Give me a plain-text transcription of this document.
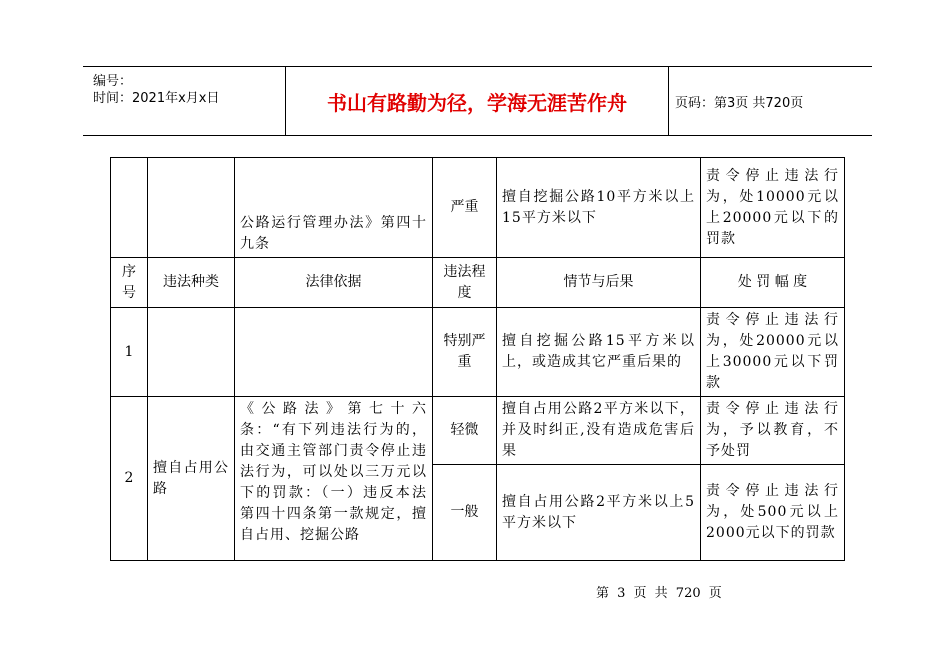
编号：
时间：2021年x月x日	书山有路勤为径，学海无涯苦作舟	页码：第3页 共720页
		公路运行管理办法》第四十九条	严重	擅自挖掘公路10平方米以上15平方米以下	责令停止违法行为，处10000元以上20000元以下的罚款
序号	违法种类	法律依据	违法程度	情节与后果	处 罚 幅 度
1			特别严重	擅自挖掘公路15平方米以上，或造成其它严重后果的	责令停止违法行为，处20000元以上30000元以下罚款
2	擅自占用公路	《公路法》第七十六条：“有下列违法行为的，由交通主管部门责令停止违法行为，可以处以三万元以下的罚款：（一）违反本法第四十四条第一款规定，擅自占用、挖掘公路	轻微	擅自占用公路2平方米以下，并及时纠正,没有造成危害后果	责令停止违法行为，予以教育，不予处罚
			一般	擅自占用公路2平方米以上5平方米以下	责令停止违法行为，处500元以上2000元以下的罚款
第 3 页 共 720 页
